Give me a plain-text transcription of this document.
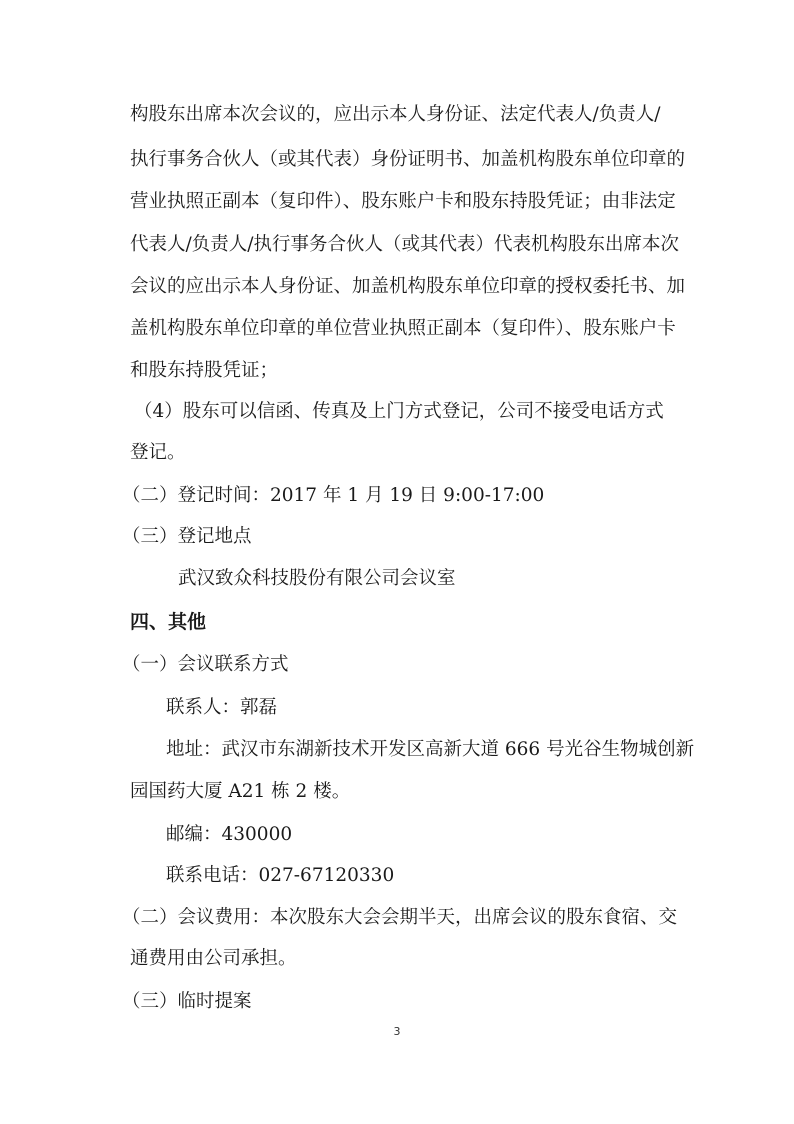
构股东出席本次会议的，应出示本人身份证、法定代表人/负责人/
执行事务合伙人（或其代表）身份证明书、加盖机构股东单位印章的
营业执照正副本（复印件）、股东账户卡和股东持股凭证；由非法定
代表人/负责人/执行事务合伙人（或其代表）代表机构股东出席本次
会议的应出示本人身份证、加盖机构股东单位印章的授权委托书、加
盖机构股东单位印章的单位营业执照正副本（复印件）、股东账户卡
和股东持股凭证；
（4）股东可以信函、传真及上门方式登记，公司不接受电话方式
登记。
（二）登记时间：2017 年 1 月 19 日 9:00-17:00
（三）登记地点
武汉致众科技股份有限公司会议室
四、其他
（一）会议联系方式
联系人：郭磊
地址：武汉市东湖新技术开发区高新大道 666 号光谷生物城创新
园国药大厦 A21 栋 2 楼。
邮编：430000
联系电话：027-67120330
（二）会议费用：本次股东大会会期半天，出席会议的股东食宿、交
通费用由公司承担。
（三）临时提案
3
